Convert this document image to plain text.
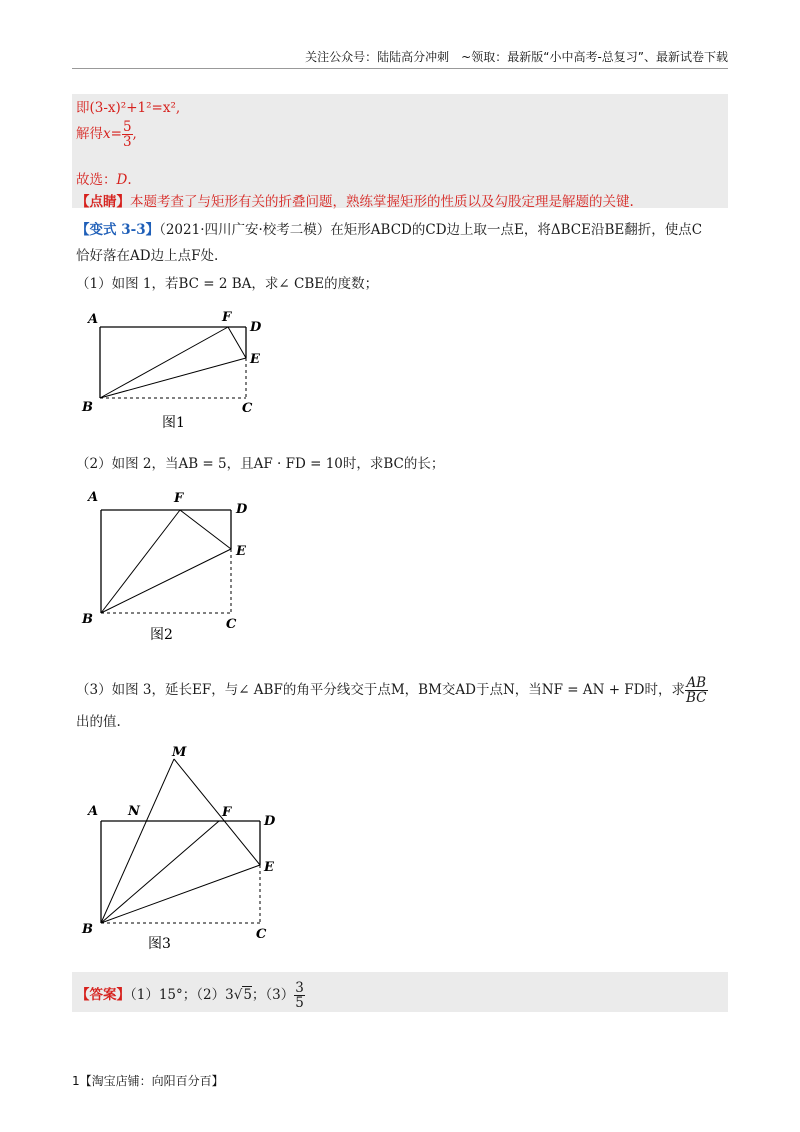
关注公众号：陆陆高分冲刺　~领取：最新版“小中高考-总复习”、最新试卷下载
即(3-x)²+1²=x²,
解得$x= \frac{5}{3}$ ,
故选：D.
【点睛】本题考查了与矩形有关的折叠问题，熟练掌握矩形的性质以及勾股定理是解题的关键.
【变式 3-3】（2021·四川广安·校考二模）在矩形ABCD的CD边上取一点E，将ΔBCE沿BE翻折，使点C
恰好落在AD边上点F处.
（1）如图 1，若BC = 2 BA，求∠ CBE的度数；
A	F
D
E
B	C
图1
（2）如图 2，当AB = 5，且AF · FD = 10时，求BC的长；
A	F
D
E
B	C
图2
（3）如图 3，延长EF，与∠ ABF的角平分线交于点M，BM交AD于点N，当NF = AN + FD时，求 $\frac{AB}{BC}$
出的值.
M
A N	F
D
E
B	C
图3
【答案】（1）15°；（2）3√5；$(3) \frac{3}{5}$
1【淘宝店铺：向阳百分百】
